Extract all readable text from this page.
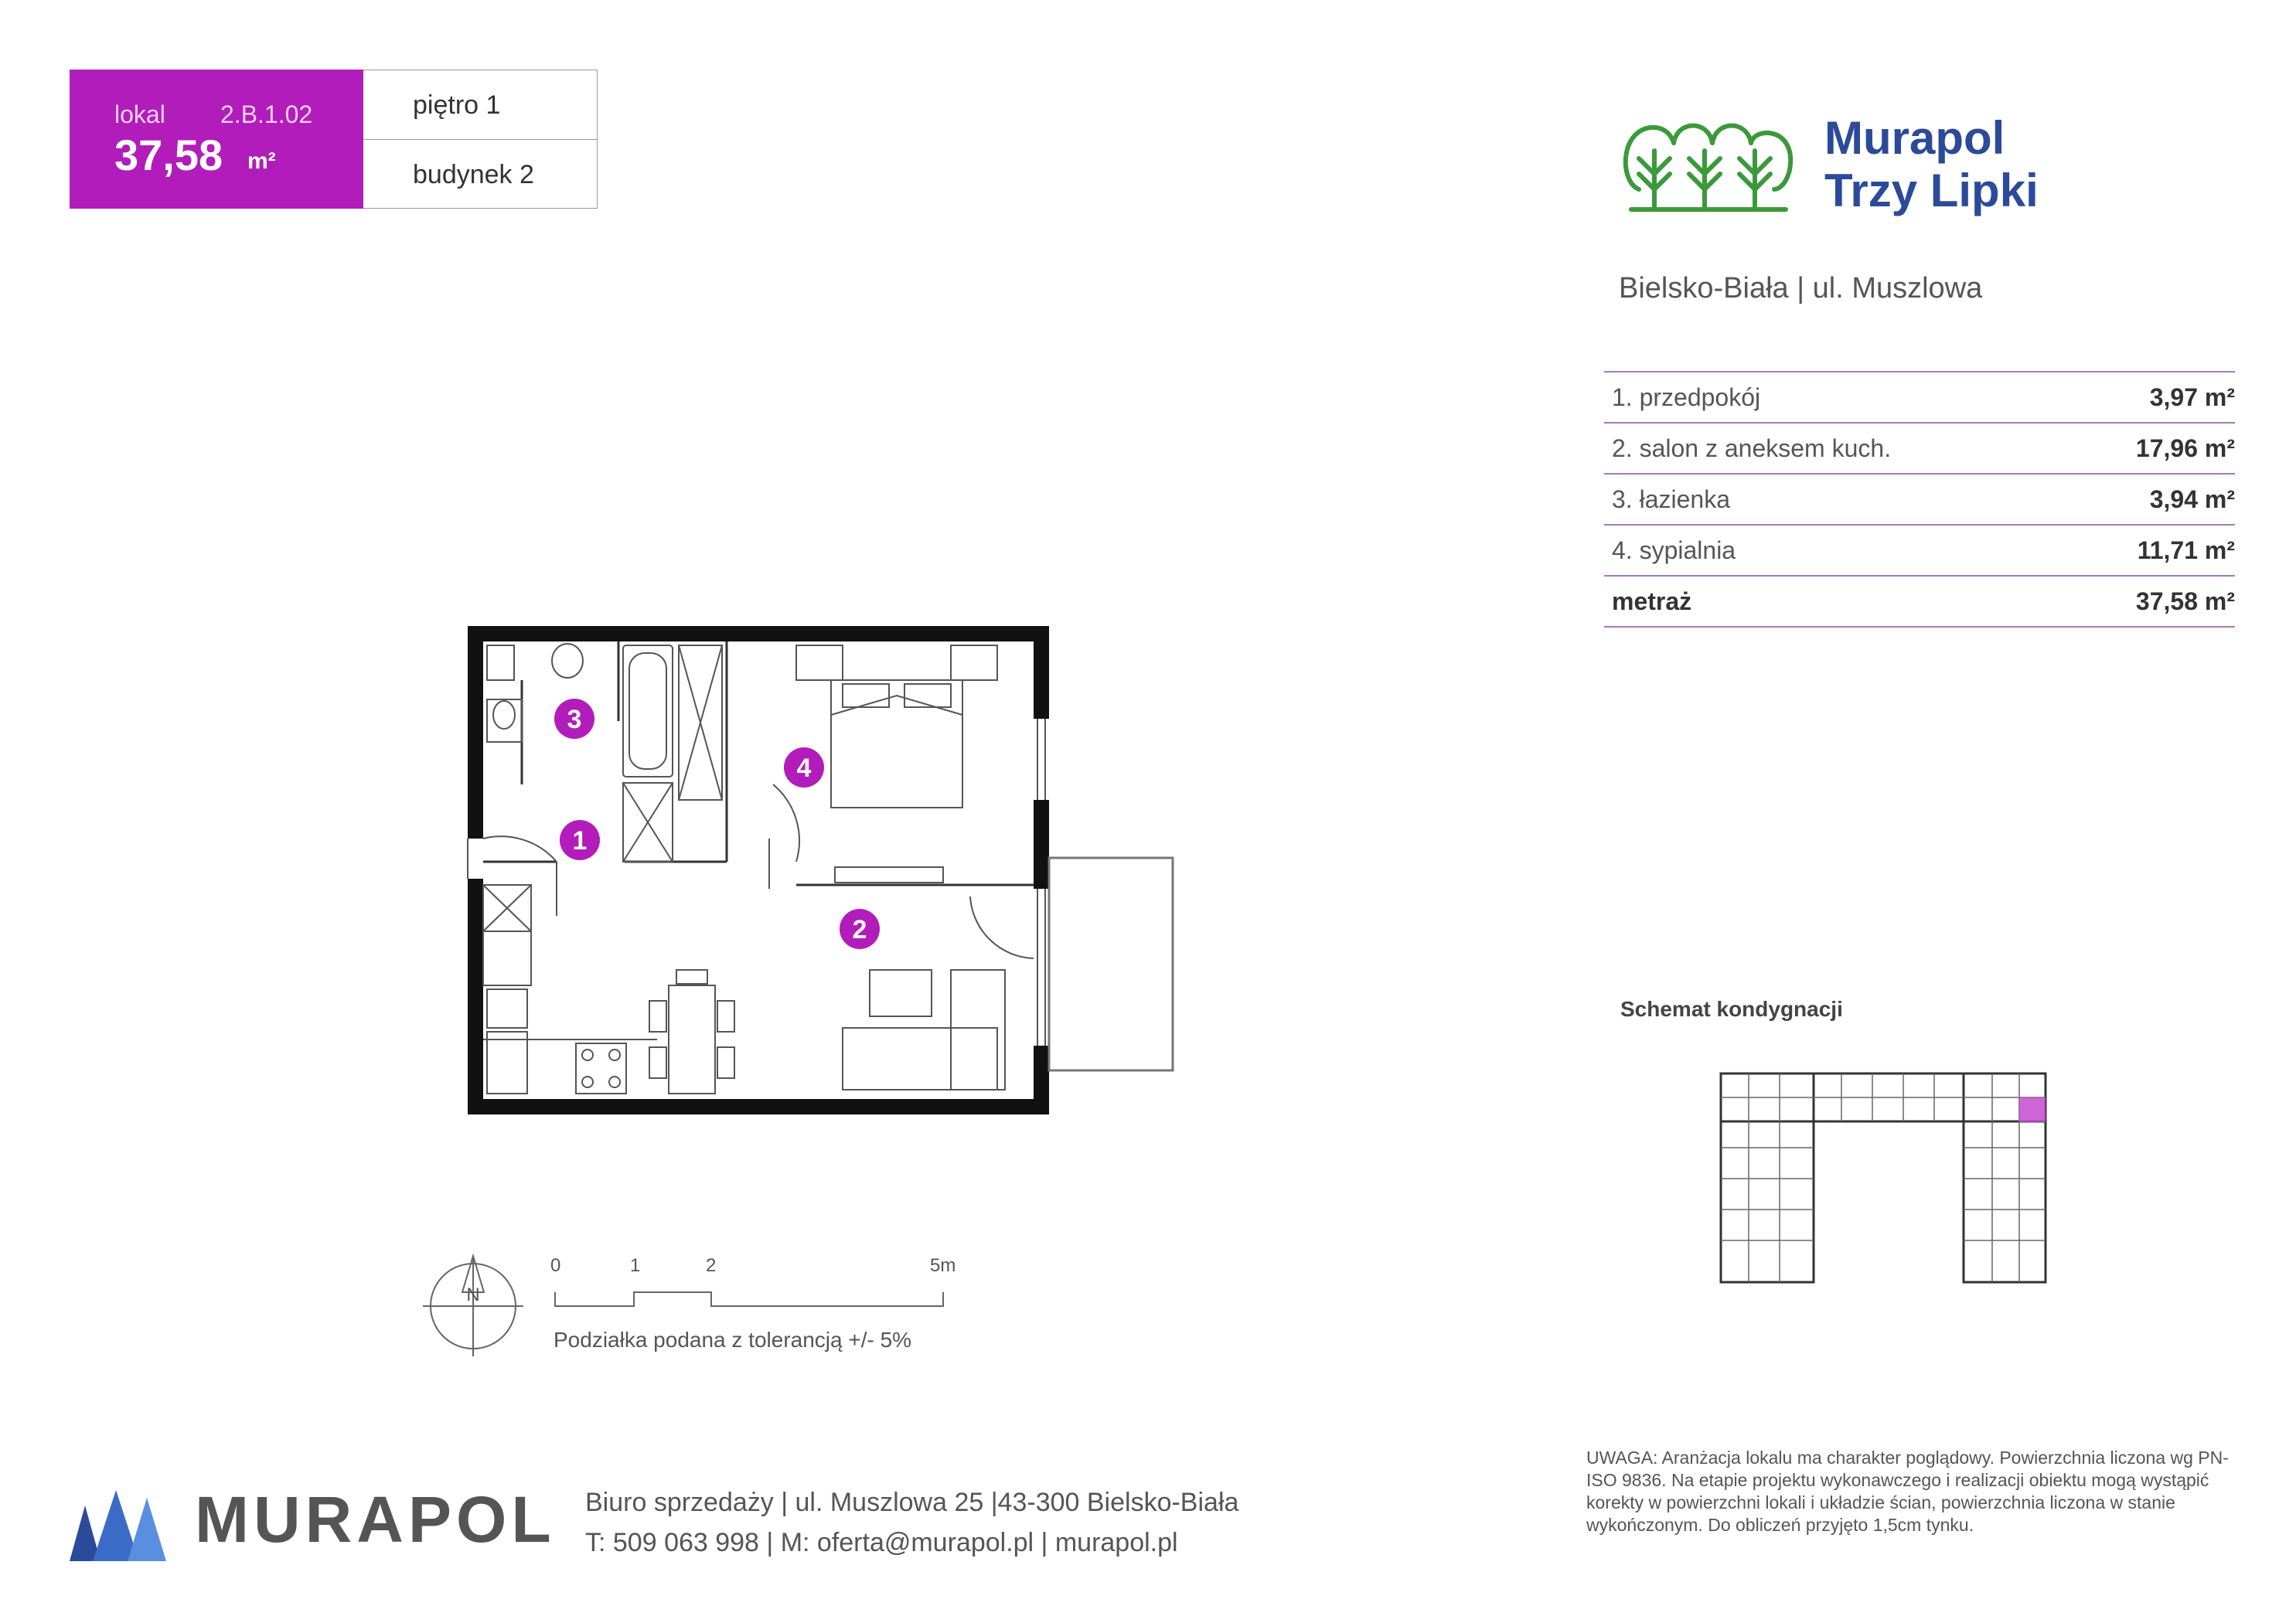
lokal 2.B.1.02
37,58 m²
piętro 1
budynek 2
Murapol
Trzy Lipki
Bielsko-Biała | ul. Muszlowa
1. przedpokój	3,97 m²
2. salon z aneksem kuch.	17,96 m²
3. łazienka	3,94 m²
4. sypialnia	11,71 m²
metraż	37,58 m²
3
1
4
2
N
0	1	2	5m
Podziałka podana z tolerancją +/- 5%
Schemat kondygnacji
UWAGA: Aranżacja lokalu ma charakter poglądowy. Powierzchnia liczona wg PN-ISO 9836. Na etapie projektu wykonawczego i realizacji obiektu mogą wystąpić korekty w powierzchni lokali i układzie ścian, powierzchnia liczona w stanie wykończonym. Do obliczeń przyjęto 1,5cm tynku.
MURAPOL Biuro sprzedaży | ul. Muszlowa 25 |43-300 Bielsko-Biała
T: 509 063 998 | M: oferta@murapol.pl | murapol.pl
